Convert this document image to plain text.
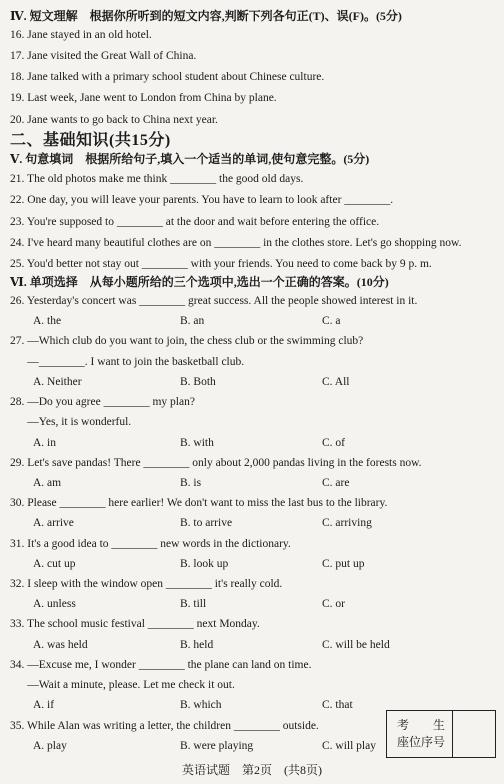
Ⅳ. 短文理解　根据你所听到的短文内容,判断下列各句正(T)、误(F)。(5分)

16. Jane stayed in an old hotel.

17. Jane visited the Great Wall of China.

18. Jane talked with a primary school student about Chinese culture.

19. Last week, Jane went to London from China by plane.

20. Jane wants to go back to China next year.

二、基础知识(共15分)

Ⅴ. 句意填词　根据所给句子,填入一个适当的单词,使句意完整。(5分)

21. The old photos make me think ________ the good old days.

22. One day, you will leave your parents. You have to learn to look after ________.

23. You're supposed to ________ at the door and wait before entering the office.

24. I've heard many beautiful clothes are on ________ in the clothes store. Let's go shopping now.

25. You'd better not stay out ________ with your friends. You need to come back by 9 p. m.

Ⅵ. 单项选择　从每小题所给的三个选项中,选出一个正确的答案。(10分)

26. Yesterday's concert was ________ great success. All the people showed interest in it.

A. the	B. an	C. a

27. —Which club do you want to join, the chess club or the swimming club?

—________. I want to join the basketball club.

A. Neither	B. Both	C. All

28. —Do you agree ________ my plan?

—Yes, it is wonderful.

A. in	B. with	C. of

29. Let's save pandas! There ________ only about 2,000 pandas living in the forests now.

A. am	B. is	C. are

30. Please ________ here earlier! We don't want to miss the last bus to the library.

A. arrive	B. to arrive	C. arriving

31. It's a good idea to ________ new words in the dictionary.

A. cut up	B. look up	C. put up

32. I sleep with the window open ________ it's really cold.

A. unless	B. till	C. or

33. The school music festival ________ next Monday.

A. was held	B. held	C. will be held

34. —Excuse me, I wonder ________ the plane can land on time.

—Wait a minute, please. Let me check it out.

A. if	B. which	C. that

35. While Alan was writing a letter, the children ________ outside.

A. play	B. were playing	C. will play
考　　生
座位序号
英语试题　第2页　(共8页)
